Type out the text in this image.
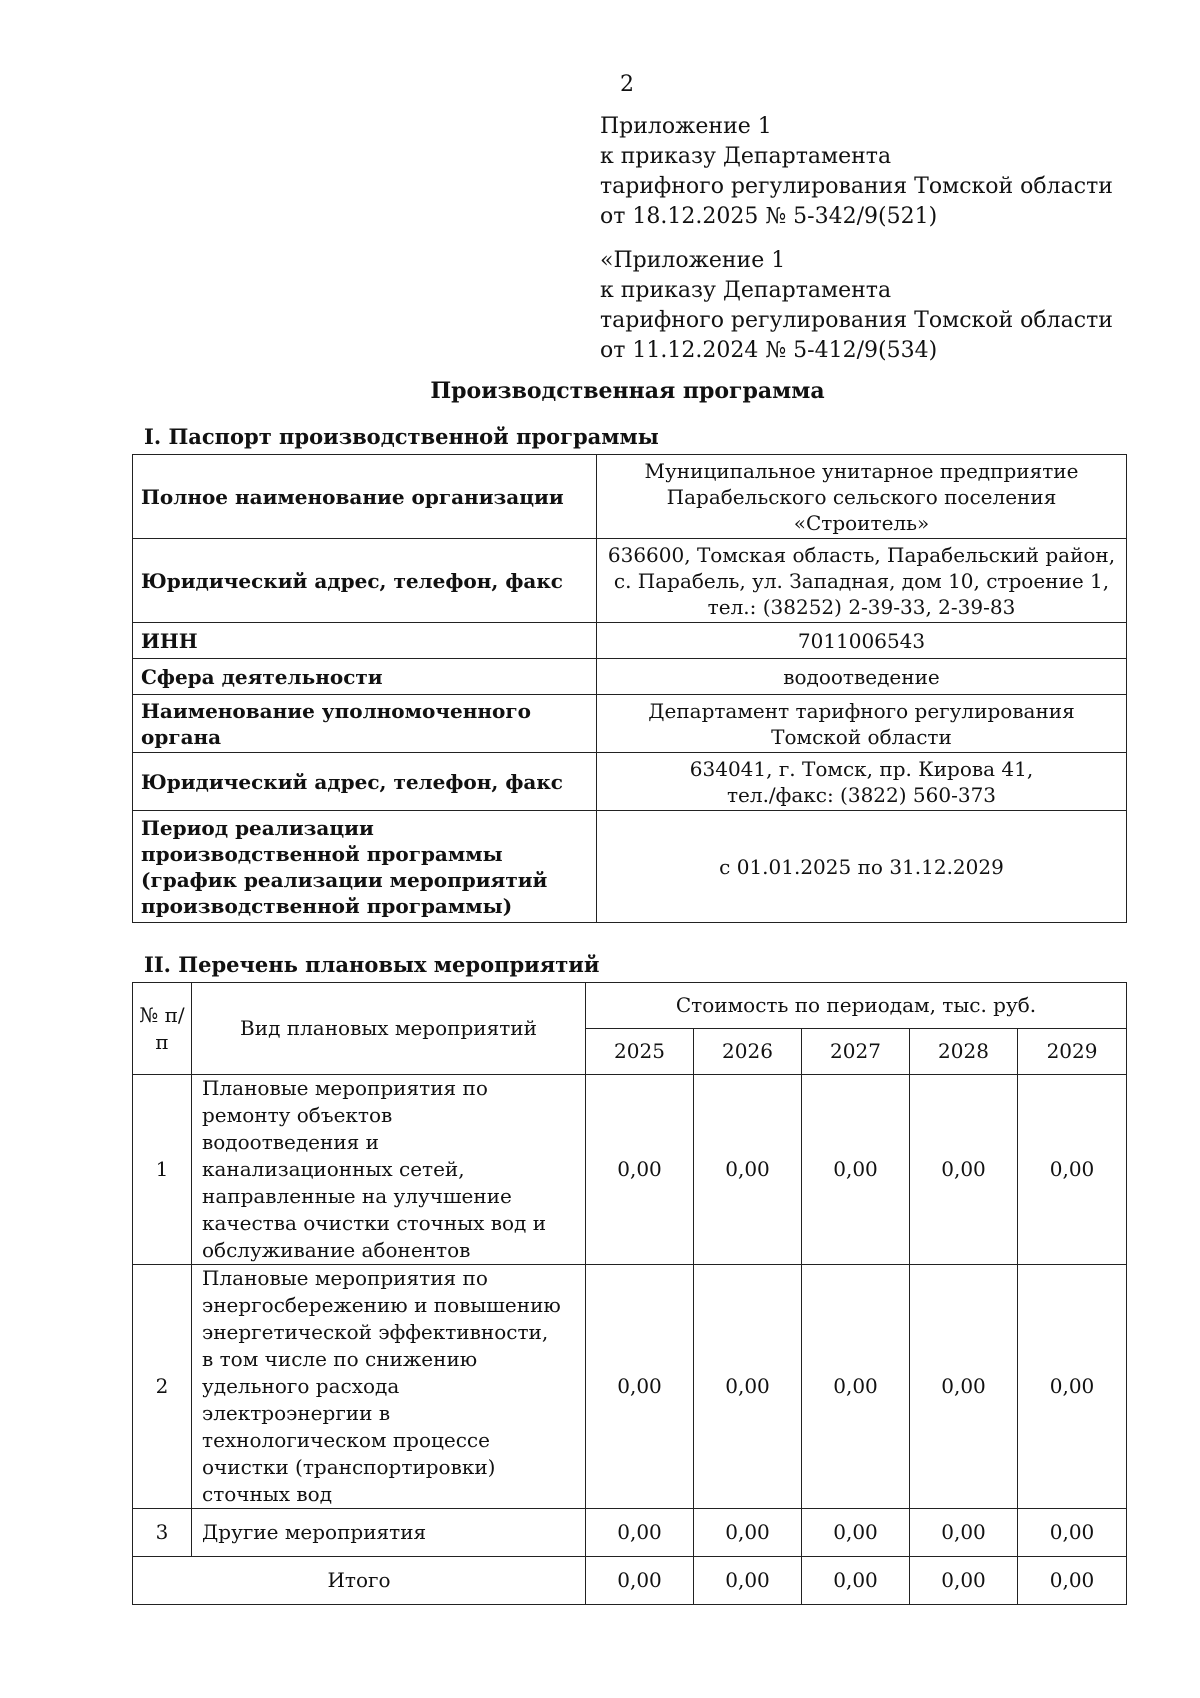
2
Приложение 1
к приказу Департамента
тарифного регулирования Томской области
от 18.12.2025 № 5-342/9(521)
«Приложение 1
к приказу Департамента
тарифного регулирования Томской области
от 11.12.2024 № 5-412/9(534)
Производственная программа
I. Паспорт производственной программы
Полное наименование организации	Муниципальное унитарное предприятие Парабельского сельского поселения «Строитель»
Юридический адрес, телефон, факс	636600, Томская область, Парабельский район, с. Парабель, ул. Западная, дом 10, строение 1, тел.: (38252) 2-39-33, 2-39-83
ИНН	7011006543
Сфера деятельности	водоотведение
Наименование уполномоченного органа	Департамент тарифного регулирования Томской области
Юридический адрес, телефон, факс	634041, г. Томск, пр. Кирова 41, тел./факс: (3822) 560-373
Период реализации производственной программы (график реализации мероприятий производственной программы)	с 01.01.2025 по 31.12.2029
II. Перечень плановых мероприятий
№ п/п	Вид плановых мероприятий	Стоимость по периодам, тыс. руб.				
		2025	2026	2027	2028	2029
1	Плановые мероприятия по ремонту объектов водоотведения и канализационных сетей, направленные на улучшение качества очистки сточных вод и обслуживание абонентов	0,00	0,00	0,00	0,00	0,00
2	Плановые мероприятия по энергосбережению и повышению энергетической эффективности, в том числе по снижению удельного расхода электроэнергии в технологическом процессе очистки (транспортировки) сточных вод	0,00	0,00	0,00	0,00	0,00
3	Другие мероприятия	0,00	0,00	0,00	0,00	0,00
Итого		0,00	0,00	0,00	0,00	0,00
